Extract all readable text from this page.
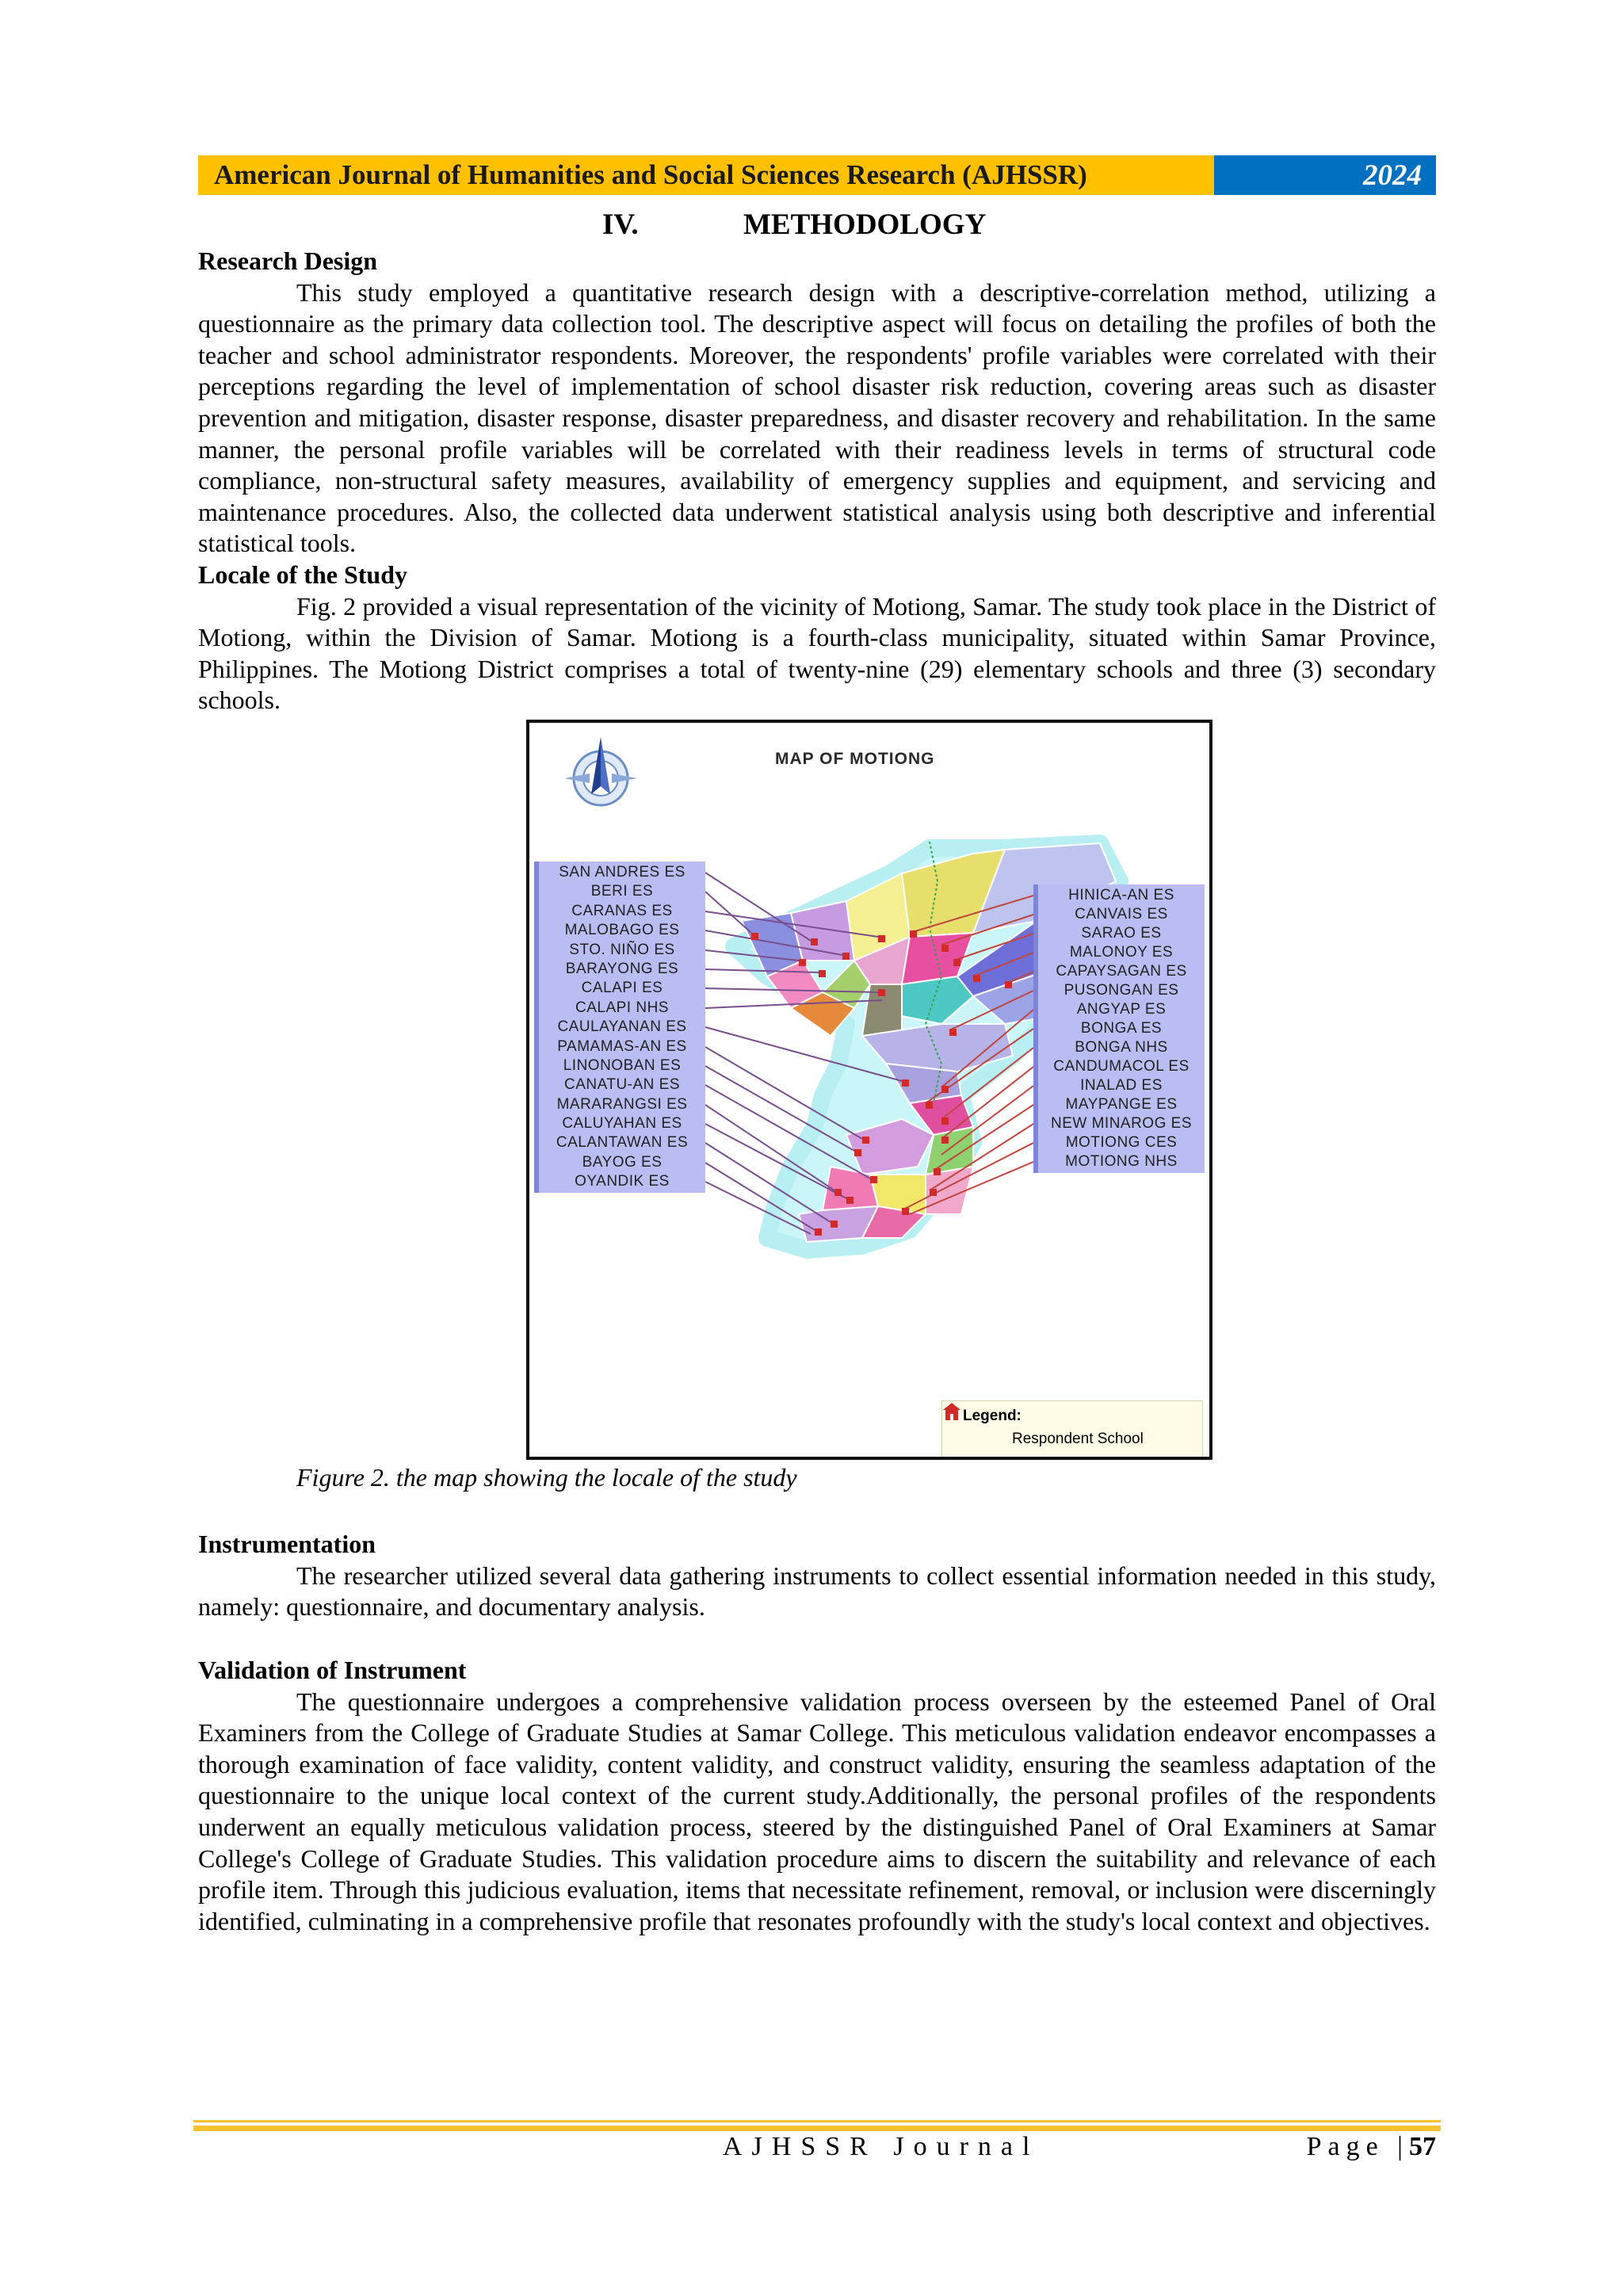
American Journal of Humanities and Social Sciences Research (AJHSSR)	2024
IV.	METHODOLOGY

Research Design

This study employed a quantitative research design with a descriptive-correlation method, utilizing a questionnaire as the primary data collection tool. The descriptive aspect will focus on detailing the profiles of both the teacher and school administrator respondents. Moreover, the respondents' profile variables were correlated with their perceptions regarding the level of implementation of school disaster risk reduction, covering areas such as disaster prevention and mitigation, disaster response, disaster preparedness, and disaster recovery and rehabilitation. In the same manner, the personal profile variables will be correlated with their readiness levels in terms of structural code compliance, non-structural safety measures, availability of emergency supplies and equipment, and servicing and maintenance procedures. Also, the collected data underwent statistical analysis using both descriptive and inferential statistical tools.

Locale of the Study

Fig. 2 provided a visual representation of the vicinity of Motiong, Samar. The study took place in the District of Motiong, within the Division of Samar. Motiong is a fourth-class municipality, situated within Samar Province, Philippines. The Motiong District comprises a total of twenty-nine (29) elementary schools and three (3) secondary schools.

MAP OF MOTIONG
SAN ANDRES ES
BERI ES
CARANAS ES
MALOBAGO ES
STO. NIÑO ES
BARAYONG ES
CALAPI ES
CALAPI NHS
CAULAYANAN ES
PAMAMAS-AN ES
LINONOBAN ES
CANATU-AN ES
MARARANGSI ES
CALUYAHAN ES
CALANTAWAN ES
BAYOG ES
OYANDIK ES
HINICA-AN ES
CANVAIS ES
SARAO ES
MALONOY ES
CAPAYSAGAN ES
PUSONGAN ES
ANGYAP ES
BONGA ES
BONGA NHS
CANDUMACOL ES
INALAD ES
MAYPANGE ES
NEW MINAROG ES
MOTIONG CES
MOTIONG NHS
Legend:
Respondent School
Figure 2. the map showing the locale of the study

Instrumentation

The researcher utilized several data gathering instruments to collect essential information needed in this study, namely: questionnaire, and documentary analysis.

Validation of Instrument

The questionnaire undergoes a comprehensive validation process overseen by the esteemed Panel of Oral Examiners from the College of Graduate Studies at Samar College. This meticulous validation endeavor encompasses a thorough examination of face validity, content validity, and construct validity, ensuring the seamless adaptation of the questionnaire to the unique local context of the current study.Additionally, the personal profiles of the respondents underwent an equally meticulous validation process, steered by the distinguished Panel of Oral Examiners at Samar College's College of Graduate Studies. This validation procedure aims to discern the suitability and relevance of each profile item. Through this judicious evaluation, items that necessitate refinement, removal, or inclusion were discerningly identified, culminating in a comprehensive profile that resonates profoundly with the study's local context and objectives.

AJHSSR Journal	Page |57
